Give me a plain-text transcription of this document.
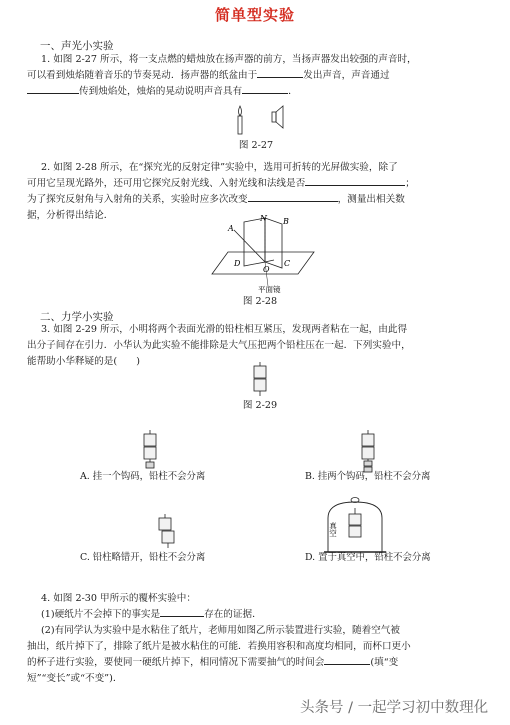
简单型实验
一、声光小实验
1. 如图 2-27 所示，将一支点燃的蜡烛放在扬声器的前方，当扬声器发出较强的声音时，
可以看到烛焰随着音乐的节奏晃动．扬声器的纸盆由于	发出声音，声音通过
传到烛焰处，烛焰的晃动说明声音具有	．
图 2-27
2. 如图 2-28 所示，在“探究光的反射定律”实验中，选用可折转的光屏做实验，除了
可用它呈现光路外，还可用它探究反射光线、入射光线和法线是否	；
为了探究反射角与入射角的关系，实验时应多次改变	，测量出相关数
据，分析得出结论．
A
N B
D
O
C
平面镜
图 2-28
二、力学小实验
3. 如图 2-29 所示，小明将两个表面光滑的铅柱相互紧压，发现两者粘在一起，由此得
出分子间存在引力．小华认为此实验不能排除是大气压把两个铅柱压在一起．下列实验中，
能帮助小华释疑的是(　　)
图 2-29
A. 挂一个钩码，铅柱不会分离	B. 挂两个钩码，铅柱不会分离
C. 铅柱略错开，铅柱不会分离
真空
D. 置于真空中，铅柱不会分离
4. 如图 2-30 甲所示的覆杯实验中：
(1)硬纸片不会掉下的事实是	存在的证据．
(2)有同学认为实验中是水粘住了纸片，老师用如图乙所示装置进行实验，随着空气被
抽出，纸片掉下了，排除了纸片是被水粘住的可能．若换用容积和高度均相同，而杯口更小
的杯子进行实验，要使同一硬纸片掉下，相同情况下需要抽气的时间会	(填“变
短”“变长”或“不变”)．
头条号 / 一起学习初中数理化
